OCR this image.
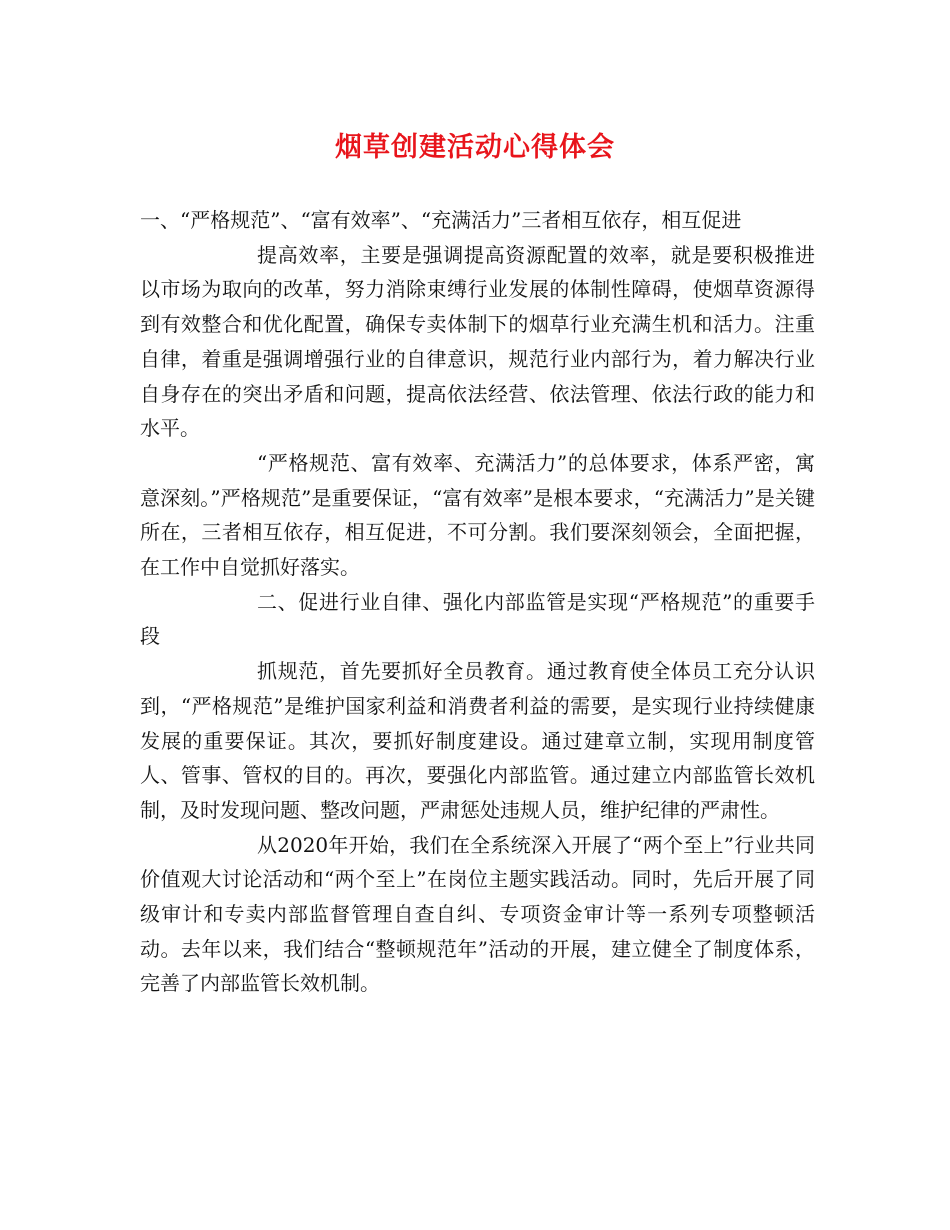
烟草创建活动心得体会

一、“严格规范”、“富有效率”、“充满活力”三者相互依存，相互促进

提高效率，主要是强调提高资源配置的效率，就是要积极推进以市场为取向的改革，努力消除束缚行业发展的体制性障碍，使烟草资源得到有效整合和优化配置，确保专卖体制下的烟草行业充满生机和活力。注重自律，着重是强调增强行业的自律意识，规范行业内部行为，着力解决行业自身存在的突出矛盾和问题，提高依法经营、依法管理、依法行政的能力和水平。

“严格规范、富有效率、充满活力”的总体要求，体系严密，寓意深刻。”严格规范”是重要保证，“富有效率”是根本要求，“充满活力”是关键所在，三者相互依存，相互促进，不可分割。我们要深刻领会，全面把握，在工作中自觉抓好落实。

二、促进行业自律、强化内部监管是实现“严格规范”的重要手段

抓规范，首先要抓好全员教育。通过教育使全体员工充分认识到，“严格规范”是维护国家利益和消费者利益的需要，是实现行业持续健康发展的重要保证。其次，要抓好制度建设。通过建章立制，实现用制度管人、管事、管权的目的。再次，要强化内部监管。通过建立内部监管长效机制，及时发现问题、整改问题，严肃惩处违规人员，维护纪律的严肃性。

从2020年开始，我们在全系统深入开展了“两个至上”行业共同价值观大讨论活动和“两个至上”在岗位主题实践活动。同时，先后开展了同级审计和专卖内部监督管理自查自纠、专项资金审计等一系列专项整顿活动。去年以来，我们结合“整顿规范年”活动的开展，建立健全了制度体系，完善了内部监管长效机制。
